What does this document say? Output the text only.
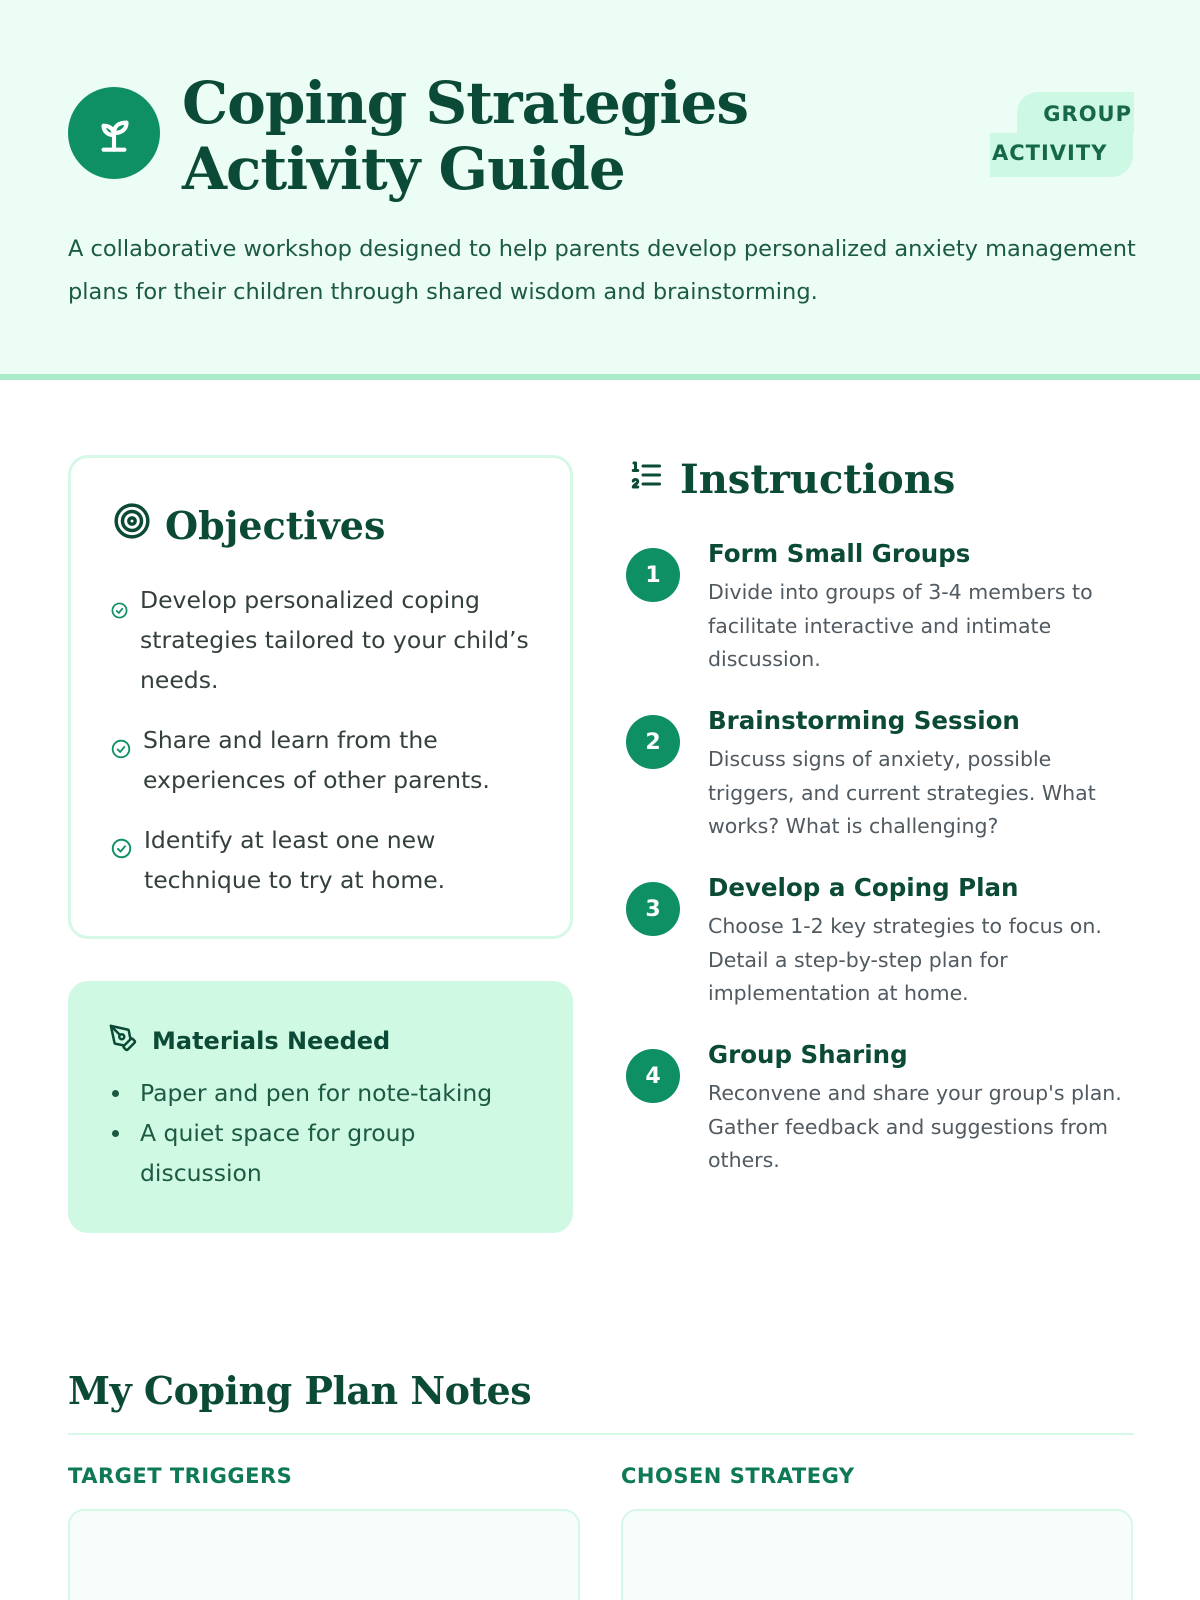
Coping Strategies Activity Guide
GROUP
ACTIVITY

A collaborative workshop designed to help parents develop personalized anxiety management plans for their children through shared wisdom and brainstorming.

Objectives
Develop personalized coping strategies tailored to your child’s needs.
Share and learn from the experiences of other parents.
Identify at least one new technique to try at home.
Materials Needed
Paper and pen for note-taking
A quiet space for group discussion
Instructions
1
Form Small Groups
Divide into groups of 3-4 members to facilitate interactive and intimate discussion.
2
Brainstorming Session
Discuss signs of anxiety, possible triggers, and current strategies. What works? What is challenging?
3
Develop a Coping Plan
Choose 1-2 key strategies to focus on. Detail a step-by-step plan for implementation at home.
4
Group Sharing
Reconvene and share your group's plan. Gather feedback and suggestions from others.
My Coping Plan Notes
TARGET TRIGGERS	CHOSEN STRATEGY
